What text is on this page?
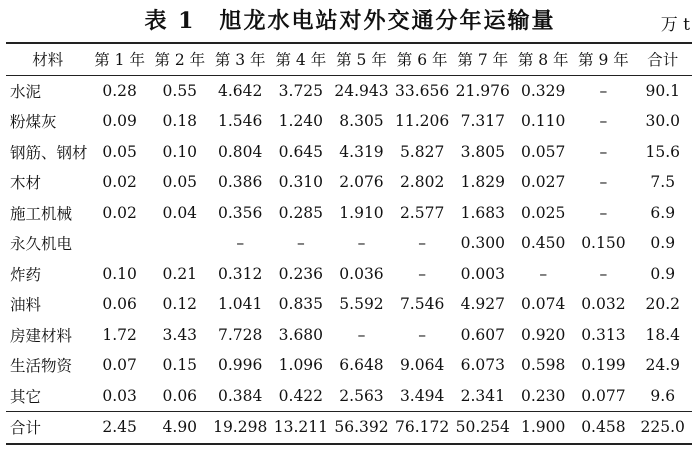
表 1　旭龙水电站对外交通分年运输量	万 t
材料	第 1 年	第 2 年	第 3 年	第 4 年	第 5 年	第 6 年	第 7 年	第 8 年	第 9 年	合计
水泥	0.28	0.55	4.642	3.725	24.943	33.656	21.976	0.329	–	90.1
粉煤灰	0.09	0.18	1.546	1.240	8.305	11.206	7.317	0.110	–	30.0
钢筋、钢材	0.05	0.10	0.804	0.645	4.319	5.827	3.805	0.057	–	15.6
木材	0.02	0.05	0.386	0.310	2.076	2.802	1.829	0.027	–	7.5
施工机械	0.02	0.04	0.356	0.285	1.910	2.577	1.683	0.025	–	6.9
永久机电			–	–	–	–	0.300	0.450	0.150	0.9
炸药	0.10	0.21	0.312	0.236	0.036	–	0.003	–	–	0.9
油料	0.06	0.12	1.041	0.835	5.592	7.546	4.927	0.074	0.032	20.2
房建材料	1.72	3.43	7.728	3.680	–	–	0.607	0.920	0.313	18.4
生活物资	0.07	0.15	0.996	1.096	6.648	9.064	6.073	0.598	0.199	24.9
其它	0.03	0.06	0.384	0.422	2.563	3.494	2.341	0.230	0.077	9.6
合计	2.45	4.90	19.298	13.211	56.392	76.172	50.254	1.900	0.458	225.0
